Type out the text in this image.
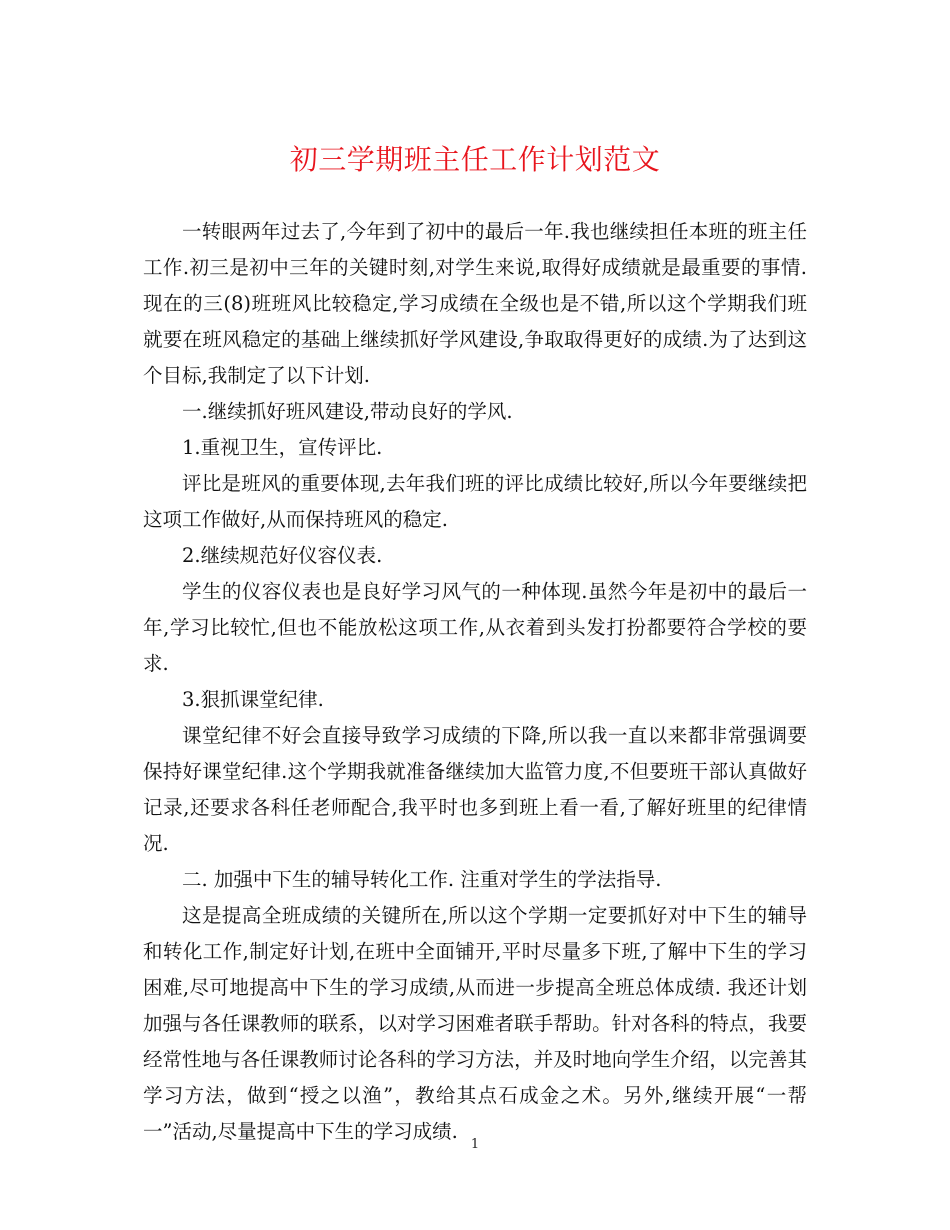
初三学期班主任工作计划范文

一转眼两年过去了,今年到了初中的最后一年.我也继续担任本班的班主任工作.初三是初中三年的关键时刻,对学生来说,取得好成绩就是最重要的事情.现在的三(8)班班风比较稳定,学习成绩在全级也是不错,所以这个学期我们班就要在班风稳定的基础上继续抓好学风建设,争取取得更好的成绩.为了达到这个目标,我制定了以下计划.

一.继续抓好班风建设,带动良好的学风.

1.重视卫生，宣传评比.

评比是班风的重要体现,去年我们班的评比成绩比较好,所以今年要继续把这项工作做好,从而保持班风的稳定.

2.继续规范好仪容仪表.

学生的仪容仪表也是良好学习风气的一种体现.虽然今年是初中的最后一年,学习比较忙,但也不能放松这项工作,从衣着到头发打扮都要符合学校的要求.

3.狠抓课堂纪律.

课堂纪律不好会直接导致学习成绩的下降,所以我一直以来都非常强调要保持好课堂纪律.这个学期我就准备继续加大监管力度,不但要班干部认真做好记录,还要求各科任老师配合,我平时也多到班上看一看,了解好班里的纪律情况.

二. 加强中下生的辅导转化工作. 注重对学生的学法指导.

这是提高全班成绩的关键所在,所以这个学期一定要抓好对中下生的辅导和转化工作,制定好计划,在班中全面铺开,平时尽量多下班,了解中下生的学习困难,尽可地提高中下生的学习成绩,从而进一步提高全班总体成绩. 我还计划加强与各任课教师的联系，以对学习困难者联手帮助。针对各科的特点，我要经常性地与各任课教师讨论各科的学习方法，并及时地向学生介绍，以完善其学习方法，做到“授之以渔”，教给其点石成金之术。另外,继续开展“一帮一”活动,尽量提高中下生的学习成绩.

1
